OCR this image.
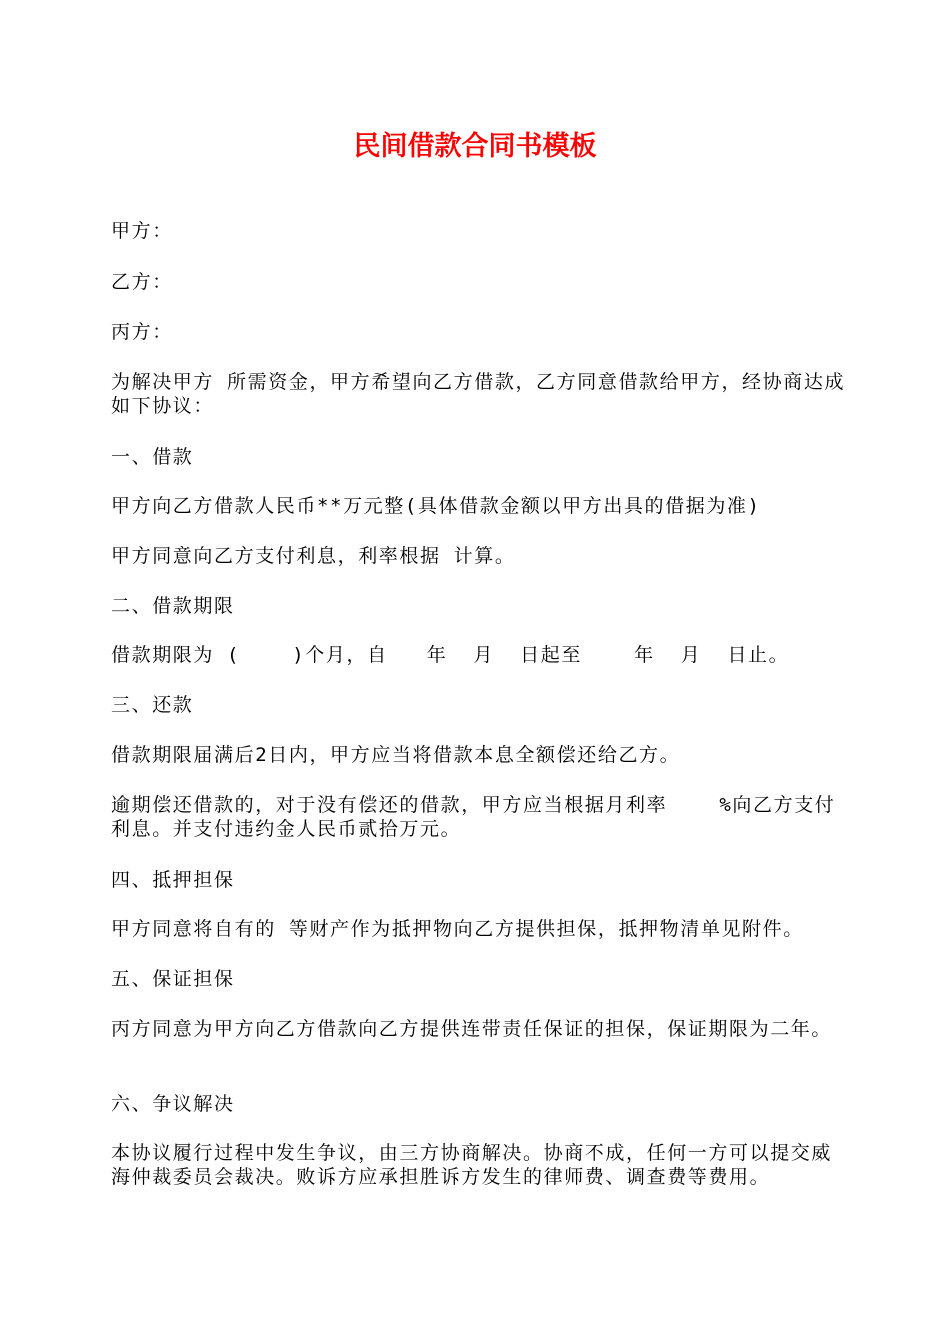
民间借款合同书模板
甲方：
乙方：
丙方：
为解决甲方 所需资金，甲方希望向乙方借款，乙方同意借款给甲方，经协商达成如下协议：
一、借款
甲方向乙方借款人民币**万元整(具体借款金额以甲方出具的借据为准)
甲方同意向乙方支付利息，利率根据 计算。
二、借款期限
借款期限为 (    )个月，自   年  月  日起至    年  月  日止。
三、还款
借款期限届满后2日内，甲方应当将借款本息全额偿还给乙方。
逾期偿还借款的，对于没有偿还的借款，甲方应当根据月利率    %向乙方支付利息。并支付违约金人民币贰拾万元。
四、抵押担保
甲方同意将自有的 等财产作为抵押物向乙方提供担保，抵押物清单见附件。
五、保证担保
丙方同意为甲方向乙方借款向乙方提供连带责任保证的担保，保证期限为二年。
六、争议解决
本协议履行过程中发生争议，由三方协商解决。协商不成，任何一方可以提交威海仲裁委员会裁决。败诉方应承担胜诉方发生的律师费、调查费等费用。
